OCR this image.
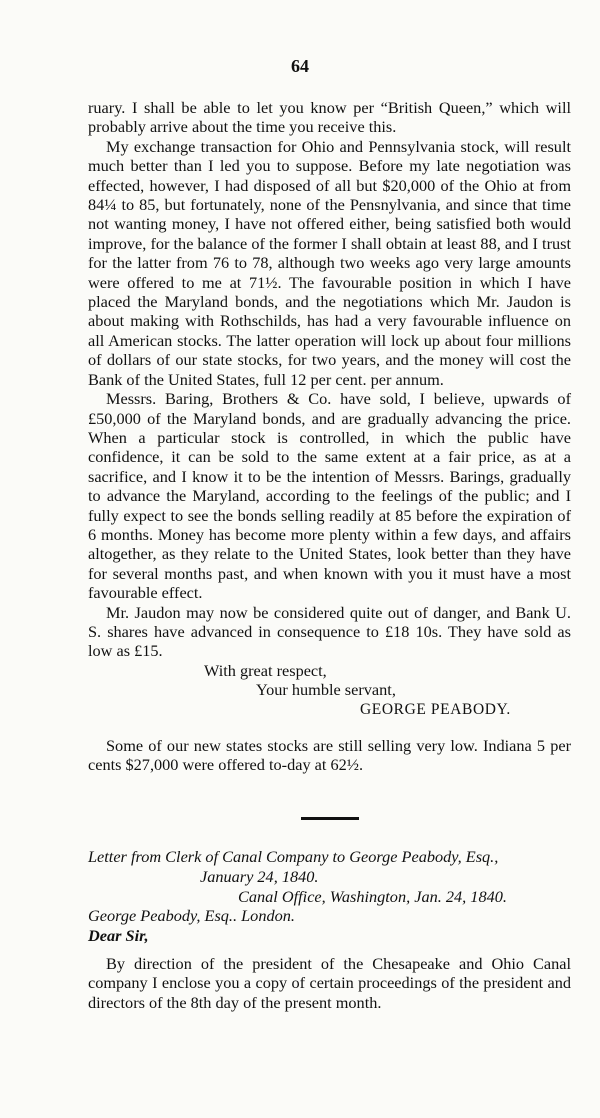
64

ruary. I shall be able to let you know per “British Queen,” which will probably arrive about the time you receive this.

My exchange transaction for Ohio and Pennsylvania stock, will result much better than I led you to suppose. Before my late negotiation was effected, however, I had disposed of all but $20,000 of the Ohio at from 84¼ to 85, but fortunately, none of the Pensnylvania, and since that time not wanting money, I have not offered either, being satisfied both would improve, for the balance of the former I shall obtain at least 88, and I trust for the latter from 76 to 78, although two weeks ago very large amounts were offered to me at 71½. The favourable position in which I have placed the Maryland bonds, and the negotiations which Mr. Jaudon is about making with Rothschilds, has had a very favourable influence on all American stocks. The latter operation will lock up about four millions of dollars of our state stocks, for two years, and the money will cost the Bank of the United States, full 12 per cent. per annum.

Messrs. Baring, Brothers & Co. have sold, I believe, upwards of £50,000 of the Maryland bonds, and are gradually advancing the price. When a particular stock is controlled, in which the public have confidence, it can be sold to the same extent at a fair price, as at a sacrifice, and I know it to be the intention of Messrs. Barings, gradually to advance the Maryland, according to the feelings of the public; and I fully expect to see the bonds selling readily at 85 before the expiration of 6 months. Money has become more plenty within a few days, and affairs altogether, as they relate to the United States, look better than they have for several months past, and when known with you it must have a most favourable effect.

Mr. Jaudon may now be considered quite out of danger, and Bank U. S. shares have advanced in consequence to £18 10s. They have sold as low as £15.

With great respect,

Your humble servant,

GEORGE PEABODY.

Some of our new states stocks are still selling very low. Indiana 5 per cents $27,000 were offered to-day at 62½.

Letter from Clerk of Canal Company to George Peabody, Esq.,
January 24, 1840.

Canal Office, Washington, Jan. 24, 1840.

George Peabody, Esq.. London.

Dear Sir,

By direction of the president of the Chesapeake and Ohio Canal company I enclose you a copy of certain proceedings of the president and directors of the 8th day of the present month.
